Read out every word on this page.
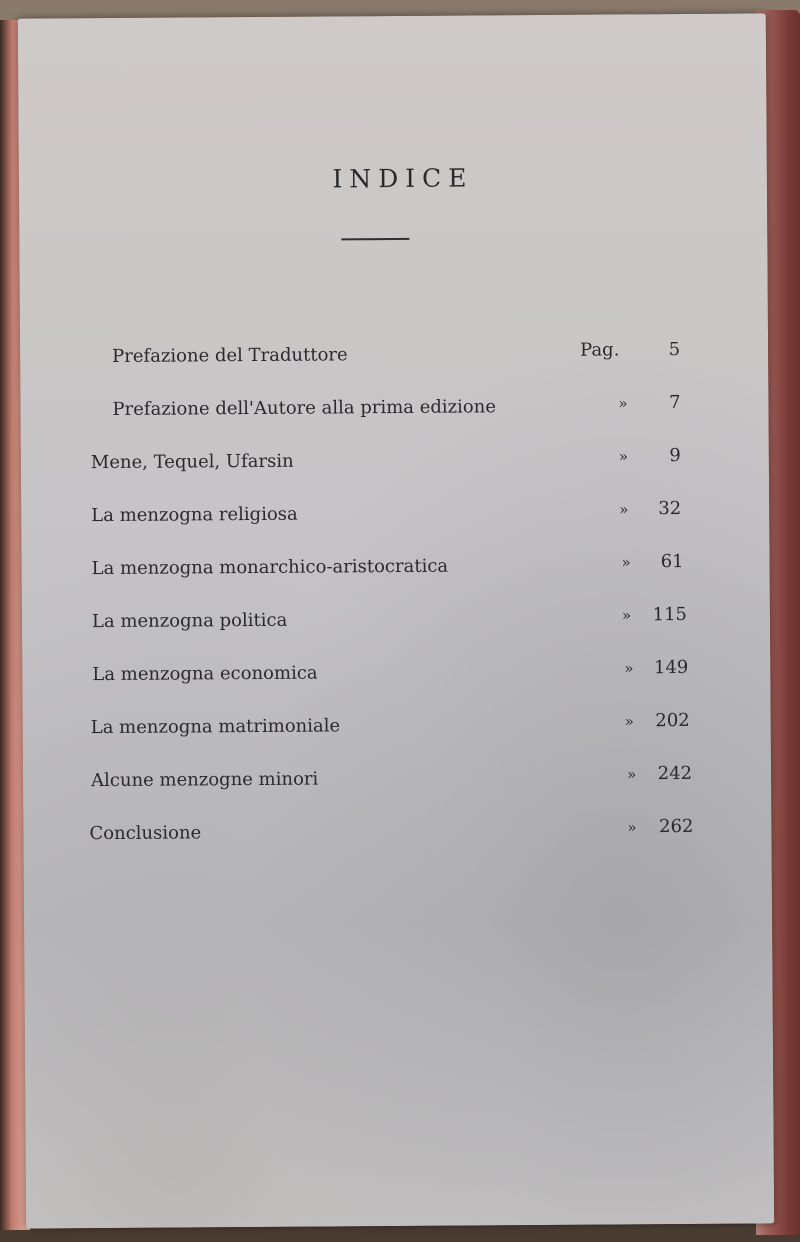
INDICE
Prefazione del Traduttore	Pag.	5
Prefazione dell'Autore alla prima edizione	»	7
Mene, Tequel, Ufarsin	»	9
La menzogna religiosa	»	32
La menzogna monarchico-aristocratica	»	61
La menzogna politica	»	115
La menzogna economica	»	149
La menzogna matrimoniale	»	202
Alcune menzogne minori	»	242
Conclusione	»	262
